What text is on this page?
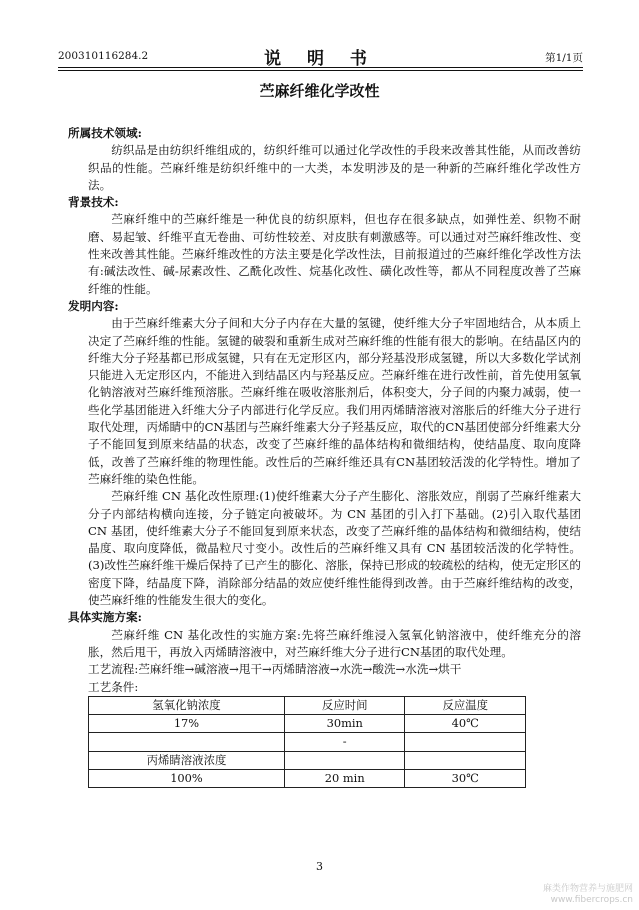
200310116284.2	说 明 书	第1/1页
苎麻纤维化学改性
所属技术领域:

纺织品是由纺织纤维组成的，纺织纤维可以通过化学改性的手段来改善其性能，从而改善纺织品的性能。苎麻纤维是纺织纤维中的一大类，本发明涉及的是一种新的苎麻纤维化学改性方法。

背景技术:

苎麻纤维中的苎麻纤维是一种优良的纺织原料，但也存在很多缺点，如弹性差、织物不耐磨、易起皱、纤维平直无卷曲、可纺性较差、对皮肤有刺激感等。可以通过对苎麻纤维改性、变性来改善其性能。苎麻纤维改性的方法主要是化学改性法，目前报道过的苎麻纤维化学改性方法有:碱法改性、碱-尿素改性、乙酰化改性、烷基化改性、磺化改性等，都从不同程度改善了苎麻纤维的性能。

发明内容:

由于苎麻纤维素大分子间和大分子内存在大量的氢键，使纤维大分子牢固地结合，从本质上决定了苎麻纤维的性能。氢键的破裂和重新生成对苎麻纤维的性能有很大的影响。在结晶区内的纤维大分子羟基都已形成氢键，只有在无定形区内，部分羟基没形成氢键，所以大多数化学试剂只能进入无定形区内，不能进入到结晶区内与羟基反应。苎麻纤维在进行改性前，首先使用氢氧化钠溶液对苎麻纤维预溶胀。苎麻纤维在吸收溶胀剂后，体积变大，分子间的内聚力减弱，使一些化学基团能进入纤维大分子内部进行化学反应。我们用丙烯睛溶液对溶胀后的纤维大分子进行取代处理，丙烯睛中的CN基团与苎麻纤维素大分子羟基反应，取代的CN基团使部分纤维素大分子不能回复到原来结晶的状态，改变了苎麻纤维的晶体结构和微细结构，使结晶度、取向度降低，改善了苎麻纤维的物理性能。改性后的苎麻纤维还具有CN基团较活泼的化学特性。增加了苎麻纤维的染色性能。

苎麻纤维 CN 基化改性原理:(1)使纤维素大分子产生膨化、溶胀效应，削弱了苎麻纤维素大分子内部结构横向连接，分子链定向被破坏。为 CN 基团的引入打下基础。(2)引入取代基团 CN 基团，使纤维素大分子不能回复到原来状态，改变了苎麻纤维的晶体结构和微细结构，使结晶度、取向度降低，微晶粒尺寸变小。改性后的苎麻纤维又具有 CN 基团较活泼的化学特性。(3)改性苎麻纤维干燥后保持了已产生的膨化、溶胀，保持已形成的较疏松的结构，使无定形区的密度下降，结晶度下降，消除部分结晶的效应使纤维性能得到改善。由于苎麻纤维结构的改变，使苎麻纤维的性能发生很大的变化。

具体实施方案:

苎麻纤维 CN 基化改性的实施方案:先将苎麻纤维浸入氢氧化钠溶液中，使纤维充分的溶胀，然后甩干，再放入丙烯睛溶液中，对苎麻纤维大分子进行CN基团的取代处理。

工艺流程:苎麻纤维→碱溶液→甩干→丙烯睛溶液→水洗→酸洗→水洗→烘干

工艺条件:

氢氧化钠浓度	反应时间	反应温度
17%	30min	40℃
	-	
丙烯睛溶液浓度		
100%	20 min	30℃
3
麻类作物营养与施肥网
www.fibercrops.cn
